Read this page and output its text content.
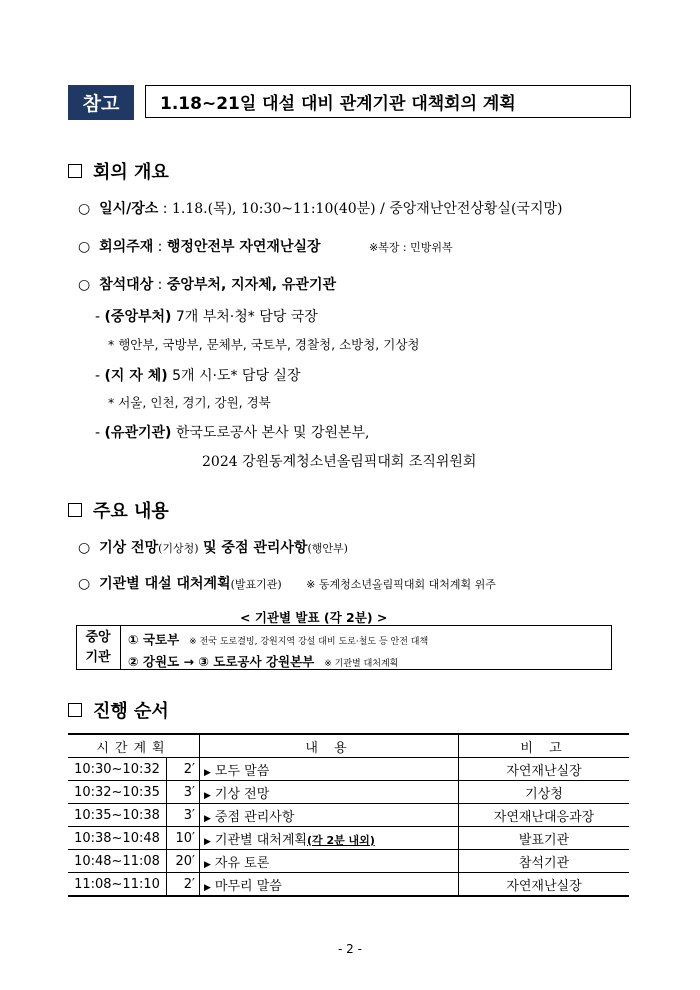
참고	1.18~21일 대설 대비 관계기관 대책회의 계획
회의 개요
○ 일시/장소 : 1.18.(목), 10:30~11:10(40분) / 중앙재난안전상황실(국지망)
○ 회의주재 : 행정안전부 자연재난실장	※복장 : 민방위복
○ 참석대상 : 중앙부처, 지자체, 유관기관
- (중앙부처) 7개 부처·청* 담당 국장
* 행안부, 국방부, 문체부, 국토부, 경찰청, 소방청, 기상청
- (지 자 체) 5개 시·도* 담당 실장
* 서울, 인천, 경기, 강원, 경북
- (유관기관) 한국도로공사 본사 및 강원본부,
2024 강원동계청소년올림픽대회 조직위원회
주요 내용
○ 기상 전망(기상청) 및 중점 관리사항(행안부)
○ 기관별 대설 대처계획(발표기관) ※ 동계청소년올림픽대회 대처계획 위주
< 기관별 발표 (각 2분) >
중앙
기관
① 국토부 ※ 전국 도로결빙, 강원지역 강설 대비 도로·철도 등 안전 대책
② 강원도 → ③ 도로공사 강원본부 ※ 기관별 대처계획
진행 순서
시간계획		내 용	비 고
10:30~10:32	2′	▶ 모두 말씀	자연재난실장
10:32~10:35	3′	▶ 기상 전망	기상청
10:35~10:38	3′	▶ 중점 관리사항	자연재난대응과장
10:38~10:48	10′	▶ 기관별 대처계획(각 2분 내외)	발표기관
10:48~11:08	20′	▶ 자유 토론	참석기관
11:08~11:10	2′	▶ 마무리 말씀	자연재난실장
- 2 -
